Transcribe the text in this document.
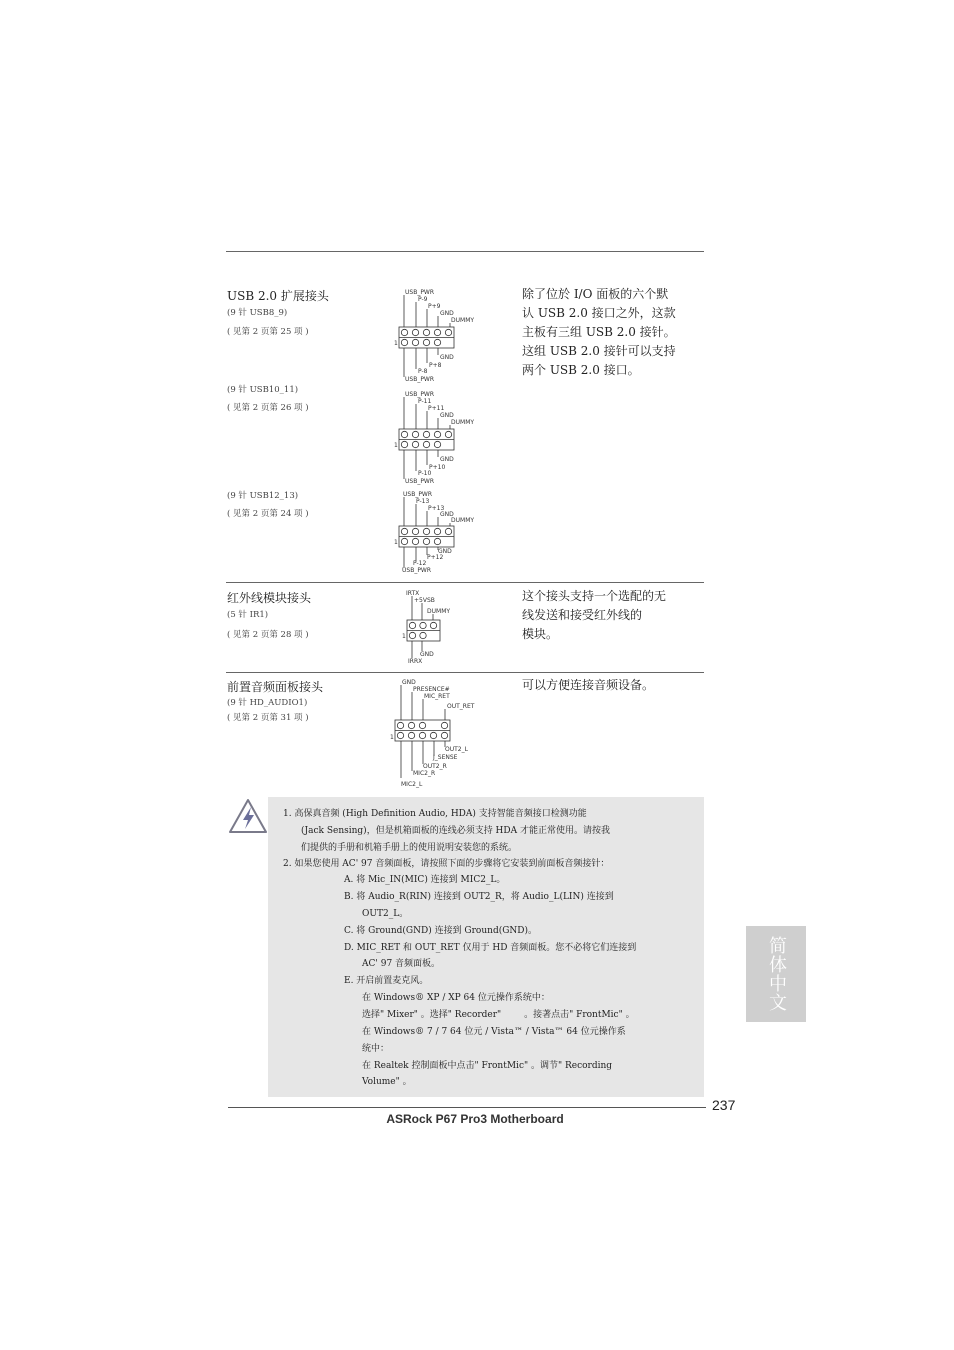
USB 2.0 扩展接头
(9 针 USB8_9)
( 见第 2 页第 25 项 )
(9 针 USB10_11)
( 见第 2 页第 26 项 )
(9 针 USB12_13)
( 见第 2 页第 24 项 )
除了位於 I/O 面板的六个默
认 USB 2.0 接口之外，这款
主板有三组 USB 2.0 接针。
这组 USB 2.0 接针可以支持
两个 USB 2.0 接口。
USB_PWR
P-9
P+9
GND
DUMMY
1
GND
P+8
P-8
USB_PWR
USB_PWR
P-11
P+11
GND
DUMMY
1
GND
P+10
P-10
USB_PWR
USB_PWR
P-13
P+13
GND
DUMMY
1
GND
P+12
P-12
USB_PWR
红外线模块接头
(5 针 IR1)
( 见第 2 页第 28 项 )
这个接头支持一个选配的无
线发送和接受红外线的
模块。
IRTX
+5VSB
DUMMY
1
GND
IRRX
前置音频面板接头
(9 针 HD_AUDIO1)
( 见第 2 页第 31 项 )
可以方便连接音频设备。
GND
PRESENCE#
MIC_RET
OUT_RET
1
OUT2_L
J_SENSE
OUT2_R
MIC2_R
MIC2_L
1. 高保真音频 (High Definition Audio, HDA) 支持智能音频接口检测功能
(Jack Sensing)，但是机箱面板的连线必须支持 HDA 才能正常使用。请按我
们提供的手册和机箱手册上的使用说明安装您的系统。
2. 如果您使用 AC' 97 音频面板，请按照下面的步骤将它安装到前面板音频接针：
A. 将 Mic_IN(MIC) 连接到 MIC2_L。
B. 将 Audio_R(RIN) 连接到 OUT2_R，将 Audio_L(LIN) 连接到
OUT2_L。
C. 将 Ground(GND) 连接到 Ground(GND)。
D. MIC_RET 和 OUT_RET 仅用于 HD 音频面板。您不必将它们连接到
AC' 97 音频面板。
E. 开启前置麦克风。
在 Windows® XP / XP 64 位元操作系统中：
选择" Mixer" 。选择" Recorder"        。接著点击" FrontMic" 。
在 Windows® 7 / 7 64 位元 / Vista™ / Vista™ 64 位元操作系
统中：
在 Realtek 控制面板中点击" FrontMic" 。调节" Recording
Volume" 。
简体中文
237
ASRock P67 Pro3 Motherboard
